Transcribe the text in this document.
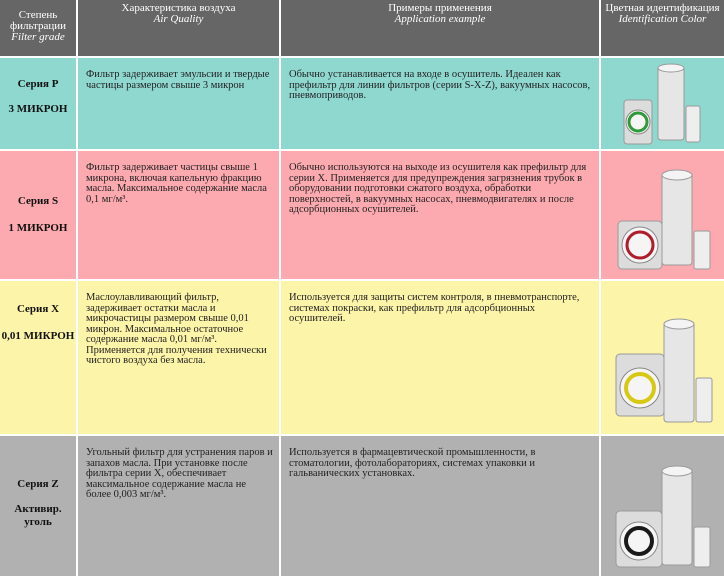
Степень фильтрации
Filter grade
Характеристика воздуха
Air Quality
Примеры применения
Application example
Цветная идентификация
Identification Color
Серия P
3 МИКРОН
Фильтр задерживает эмульсии и твердые частицы размером свыше 3 микрон
Обычно устанавливается на входе в осушитель. Идеален как префильтр для линии фильтров (серии S-X-Z), вакуумных насосов, пневмоприводов.
Серия S
1 МИКРОН
Фильтр задерживает частицы свыше 1 микрона, включая капельную фракцию масла. Максимальное содержание масла 0,1 мг/м³.
Обычно используются на выходе из осушителя как префильтр для серии X. Применяется для предупреждения загрязнения трубок в оборудовании подготовки сжатого воздуха, обработки поверхностей, в вакуумных насосах, пневмодвигателях и после адсорбционных осушителей.
Серия X
0,01 МИКРОН
Маслоулавливающий фильтр, задерживает остатки масла и микрочастицы размером свыше 0,01 микрон. Максимальное остаточное содержание масла 0,01 мг/м³. Применяется для получения технически чистого воздуха без масла.
Используется для защиты систем контроля, в пневмотранспорте, системах покраски, как префильтр для адсорбционных осушителей.
Серия Z
Активир. уголь
Угольный фильтр для устранения паров и запахов масла. При установке после фильтра серии X, обеспечивает максимальное содержание масла не более 0,003 мг/м³.
Используется в фармацевтической промышленности, в стоматологии, фотолабораториях, системах упаковки и гальванических установках.
